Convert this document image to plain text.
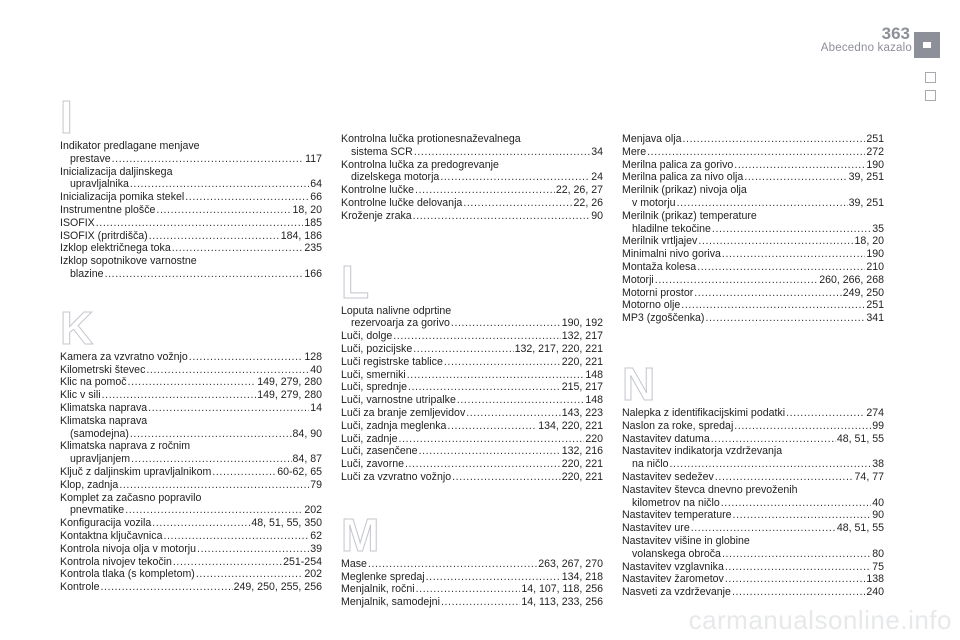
363
Abecedno kazalo
I
Indikator predlagane menjave
prestave .....	117
Inicializacija daljinskega
upravljalnika .....	64
Inicializacija pomika stekel .....	66
Instrumentne plošče .....	18, 20
ISOFIX .....	185
ISOFIX (pritrdišča) .....	184, 186
Izklop električnega toka .....	235
Izklop sopotnikove varnostne
blazine .....	166
K
Kamera za vzvratno vožnjo .....	128
Kilometrski števec .....	40
Klic na pomoč .....	149, 279, 280
Klic v sili .....	149, 279, 280
Klimatska naprava .....	14
Klimatska naprava
(samodejna) .....	84, 90
Klimatska naprava z ročnim
upravljanjem .....	84, 87
Ključ z daljinskim upravljalnikom .....	60-62, 65
Klop, zadnja .....	79
Komplet za začasno popravilo
pnevmatike .....	202
Konfiguracija vozila .....	48, 51, 55, 350
Kontaktna ključavnica .....	62
Kontrola nivoja olja v motorju .....	39
Kontrola nivojev tekočin .....	251-254
Kontrola tlaka (s kompletom) .....	202
Kontrole .....	249, 250, 255, 256
Kontrolna lučka protionesnaževalnega
sistema SCR .....	34
Kontrolna lučka za predogrevanje
dizelskega motorja .....	24
Kontrolne lučke .....	22, 26, 27
Kontrolne lučke delovanja .....	22, 26
Kroženje zraka .....	90
L
Loputa nalivne odprtine
rezervoarja za gorivo .....	190, 192
Luči, dolge .....	132, 217
Luči, pozicijske .....	132, 217, 220, 221
Luči registrske tablice .....	220, 221
Luči, smerniki .....	148
Luči, sprednje .....	215, 217
Luči, varnostne utripalke .....	148
Luči za branje zemljevidov .....	143, 223
Luči, zadnja meglenka .....	134, 220, 221
Luči, zadnje .....	220
Luči, zasenčene .....	132, 216
Luči, zavorne .....	220, 221
Luči za vzvratno vožnjo .....	220, 221
M
Mase .....	263, 267, 270
Meglenke spredaj .....	134, 218
Menjalnik, ročni .....	14, 107, 118, 256
Menjalnik, samodejni .....	14, 113, 233, 256
Menjava olja .....	251
Mere .....	272
Merilna palica za gorivo .....	190
Merilna palica za nivo olja .....	39, 251
Merilnik (prikaz) nivoja olja
v motorju .....	39, 251
Merilnik (prikaz) temperature
hladilne tekočine .....	35
Merilnik vrtljajev .....	18, 20
Minimalni nivo goriva .....	190
Montaža kolesa .....	210
Motorji .....	260, 266, 268
Motorni prostor .....	249, 250
Motorno olje .....	251
MP3 (zgoščenka) .....	341
N
Nalepka z identifikacijskimi podatki .....	274
Naslon za roke, spredaj .....	99
Nastavitev datuma .....	48, 51, 55
Nastavitev indikatorja vzdrževanja
na ničlo .....	38
Nastavitev sedežev .....	74, 77
Nastavitev števca dnevno prevoženih
kilometrov na ničlo .....	40
Nastavitev temperature .....	90
Nastavitev ure .....	48, 51, 55
Nastavitev višine in globine
volanskega obroča .....	80
Nastavitev vzglavnika .....	75
Nastavitev žarometov .....	138
Nasveti za vzdrževanje .....	240
carmanualsonline.info
